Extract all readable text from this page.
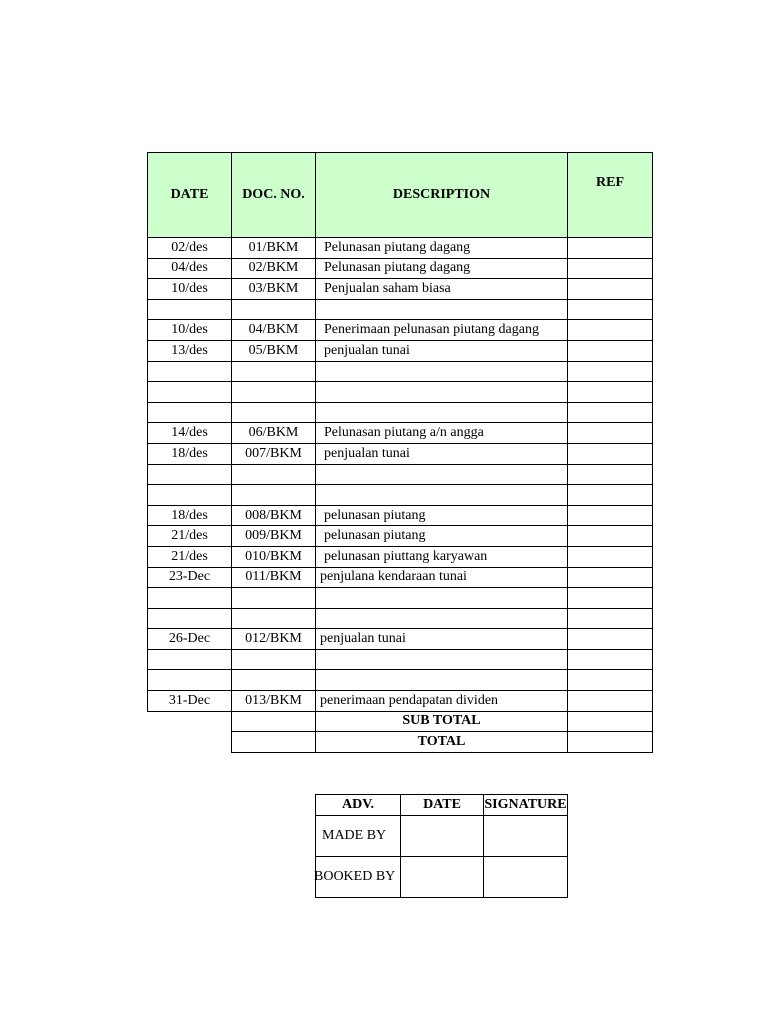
DATE	DOC. NO.	DESCRIPTION	REF
02/des	01/BKM	Pelunasan piutang dagang	
04/des	02/BKM	Pelunasan piutang dagang	
10/des	03/BKM	Penjualan saham biasa	

10/des	04/BKM	Penerimaan pelunasan piutang dagang	
13/des	05/BKM	penjualan tunai	

14/des	06/BKM	Pelunasan piutang a/n angga	
18/des	007/BKM	penjualan tunai	

18/des	008/BKM	pelunasan piutang	
21/des	009/BKM	pelunasan piutang	
21/des	010/BKM	pelunasan piuttang karyawan	
23-Dec	011/BKM	penjulana kendaraan tunai	

26-Dec	012/BKM	penjualan tunai	

31-Dec	013/BKM	penerimaan pendapatan dividen	
		SUB TOTAL	
		TOTAL	
ADV.	DATE	SIGNATURE
MADE BY		
BOOKED BY		
